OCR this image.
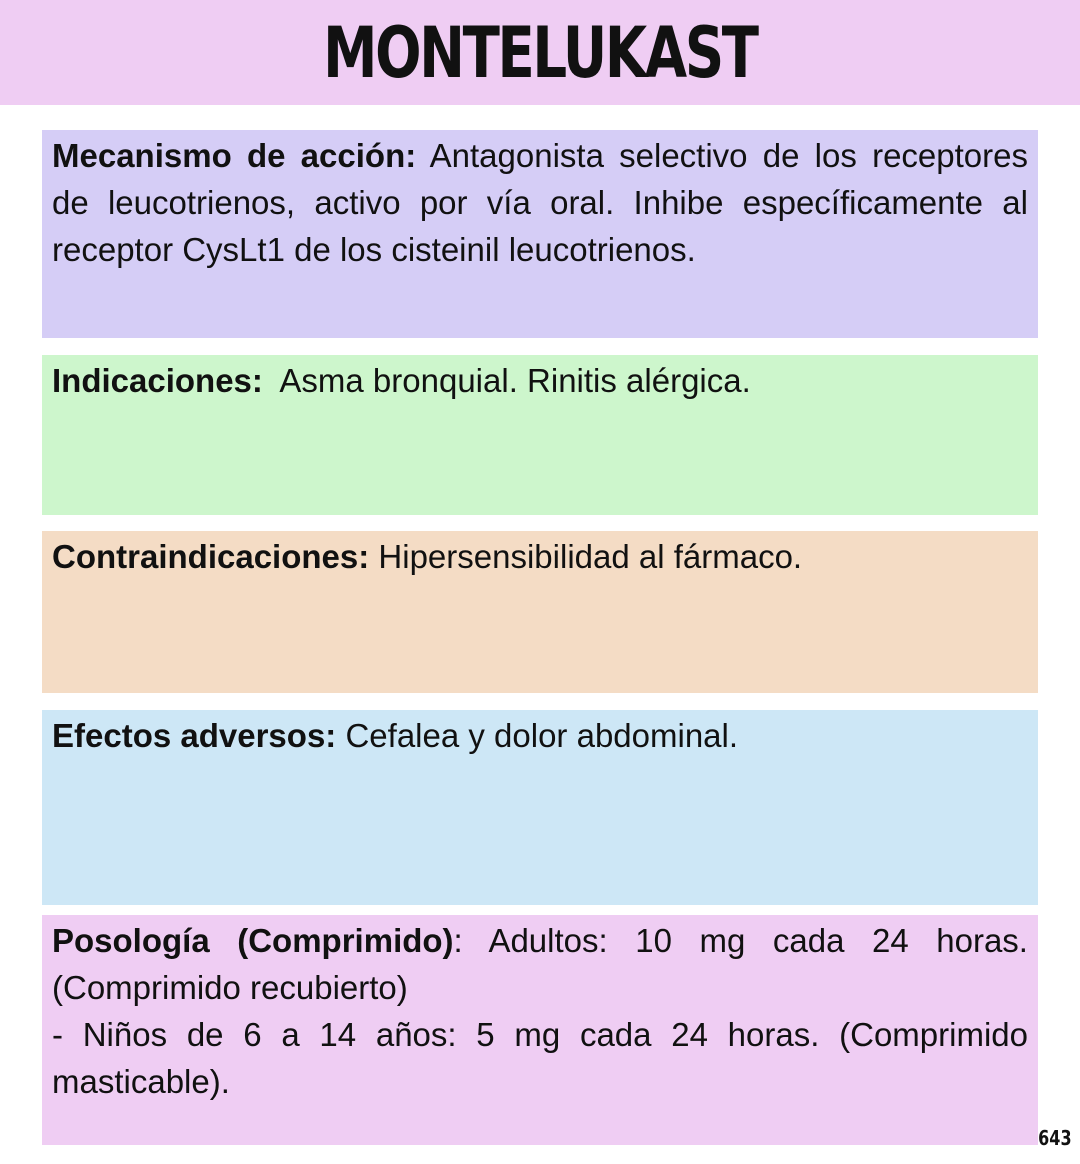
MONTELUKAST
Mecanismo de acción: Antagonista selectivo de los receptores de leucotrienos, activo por vía oral. Inhibe específicamente al receptor CysLt1 de los cisteinil leucotrienos.
Indicaciones:  Asma bronquial. Rinitis alérgica.
Contraindicaciones: Hipersensibilidad al fármaco.
Efectos adversos: Cefalea y dolor abdominal.
Posología (Comprimido): Adultos: 10 mg cada 24 horas. (Comprimido recubierto)
- Niños de 6 a 14 años: 5 mg cada 24 horas. (Comprimido masticable).
643
